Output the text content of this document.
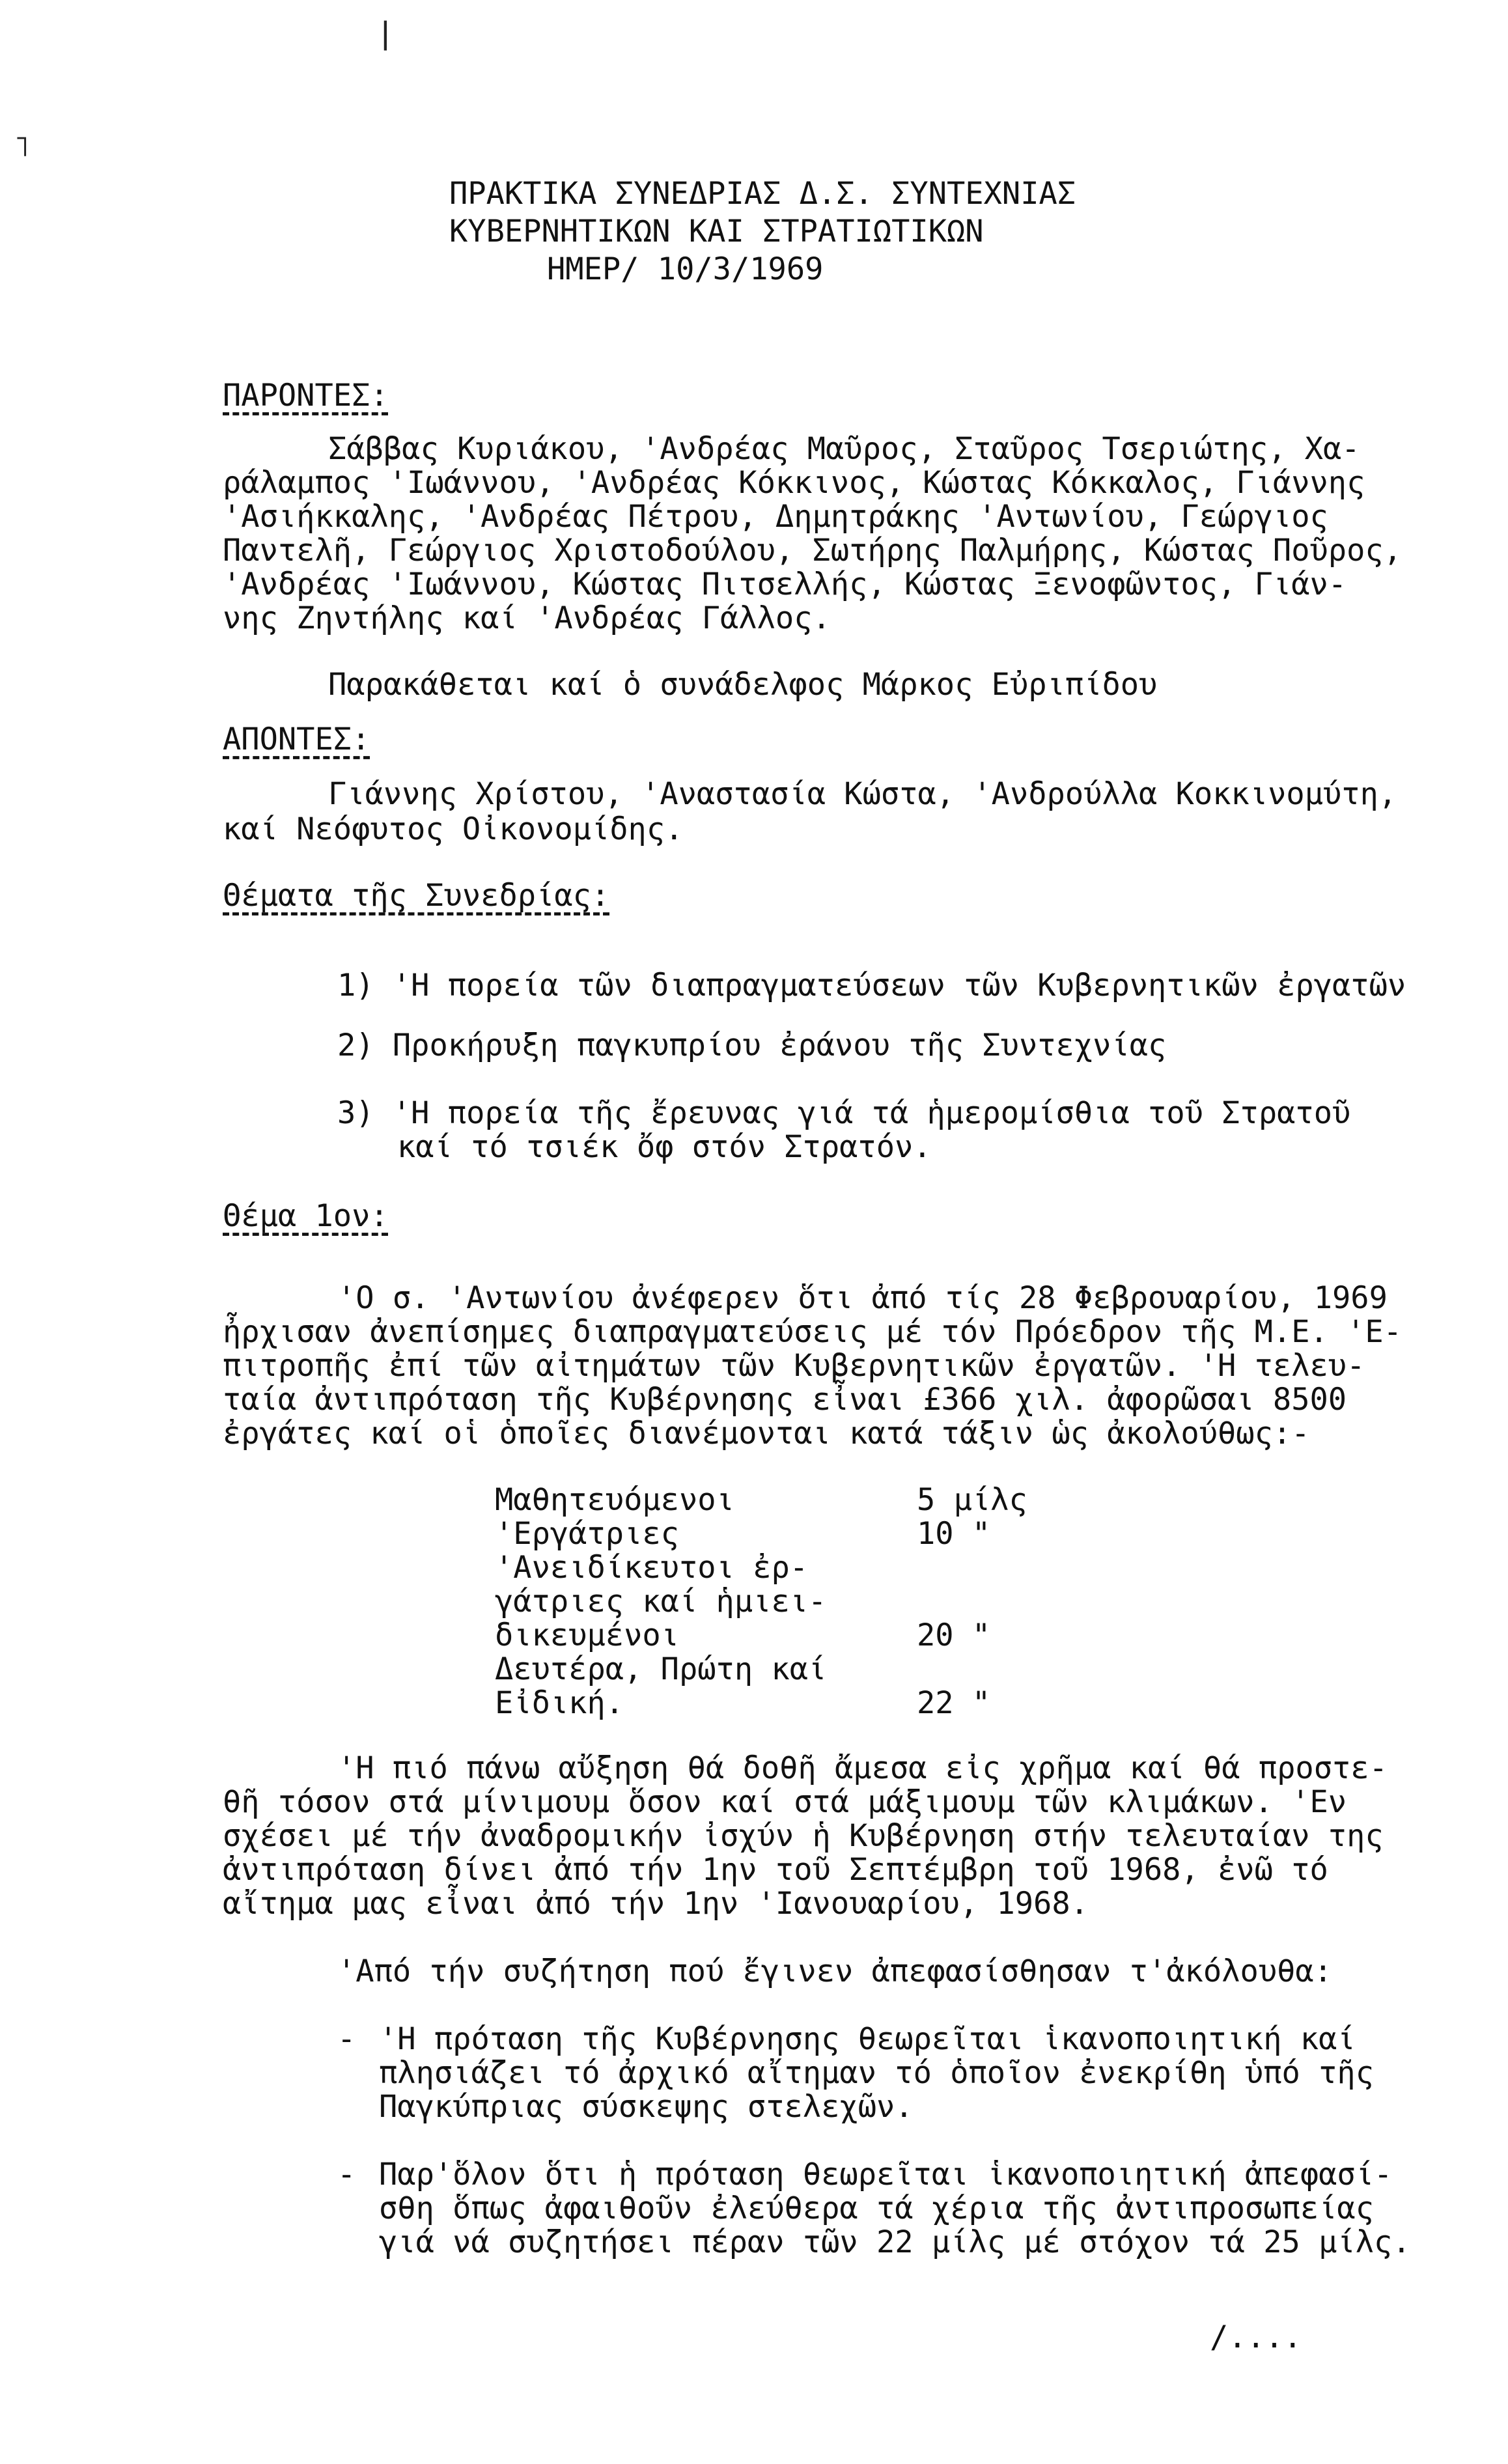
❘
˥
ΠΡΑΚΤΙΚΑ ΣΥΝΕΔΡΙΑΣ Δ.Σ. ΣΥΝΤΕΧΝΙΑΣ
ΚΥΒΕΡΝΗΤΙΚΩΝ ΚΑΙ ΣΤΡΑΤΙΩΤΙΚΩΝ
ΗΜΕΡ/ 10/3/1969
ΠΑΡΟΝΤΕΣ:
Σάββας Κυριάκου, 'Ανδρέας Μαῦρος, Σταῦρος Τσεριώτης, Χα-
ράλαμπος 'Ιωάννου, 'Ανδρέας Κόκκινος, Κώστας Κόκκαλος, Γιάννης
'Ασιήκκαλης, 'Ανδρέας Πέτρου, Δημητράκης 'Αντωνίου, Γεώργιος
Παντελῆ, Γεώργιος Χριστοδούλου, Σωτήρης Παλμήρης, Κώστας Ποῦρος,
'Ανδρέας 'Ιωάννου, Κώστας Πιτσελλής, Κώστας Ξενοφῶντος, Γιάν-
νης Ζηντήλης καί 'Ανδρέας Γάλλος.
Παρακάθεται καί ὁ συνάδελφος Μάρκος Εὐριπίδου
ΑΠΟΝΤΕΣ:
Γιάννης Χρίστου, 'Αναστασία Κώστα, 'Ανδρούλλα Κοκκινομύτη,
καί Νεόφυτος Οἰκονομίδης.
Θέματα τῆς Συνεδρίας:
1) 'Η πορεία τῶν διαπραγματεύσεων τῶν Κυβερνητικῶν ἐργατῶν
2) Προκήρυξη παγκυπρίου ἐράνου τῆς Συντεχνίας
3) 'Η πορεία τῆς ἔρευνας γιά τά ἡμερομίσθια τοῦ Στρατοῦ
καί τό τσιέκ ὄφ στόν Στρατόν.
Θέμα 1ον:
'Ο σ. 'Αντωνίου ἀνέφερεν ὅτι ἀπό τίς 28 Φεβρουαρίου, 1969
ἦρχισαν ἀνεπίσημες διαπραγματεύσεις μέ τόν Πρόεδρον τῆς Μ.Ε. 'Ε-
πιτροπῆς ἐπί τῶν αἰτημάτων τῶν Κυβερνητικῶν ἐργατῶν. 'Η τελευ-
ταία ἀντιπρόταση τῆς Κυβέρνησης εἶναι £366 χιλ. ἀφορῶσαι 8500
ἐργάτες καί οἱ ὁποῖες διανέμονται κατά τάξιν ὡς ἀκολούθως:-
Μαθητευόμενοι	5 μίλς
'Εργάτριες	10 "
'Ανειδίκευτοι ἐρ-
γάτριες καί ἡμιει-
δικευμένοι	20 "
Δευτέρα, Πρώτη καί
Εἰδική.	22 "
'Η πιό πάνω αὔξηση θά δοθῆ ἄμεσα εἰς χρῆμα καί θά προστε-
θῆ τόσον στά μίνιμουμ ὅσον καί στά μάξιμουμ τῶν κλιμάκων. 'Εν
σχέσει μέ τήν ἀναδρομικήν ἰσχύν ἡ Κυβέρνηση στήν τελευταίαν της
ἀντιπρόταση δίνει ἀπό τήν 1ην τοῦ Σεπτέμβρη τοῦ 1968, ἐνῶ τό
αἴτημα μας εἶναι ἀπό τήν 1ην 'Ιανουαρίου, 1968.
'Από τήν συζήτηση πού ἔγινεν ἀπεφασίσθησαν τ'ἀκόλουθα:
- 'Η πρόταση τῆς Κυβέρνησης θεωρεῖται ἱκανοποιητική καί
πλησιάζει τό ἀρχικό αἴτημαν τό ὁποῖον ἐνεκρίθη ὑπό τῆς
Παγκύπριας σύσκεψης στελεχῶν.
- Παρ'ὅλον ὅτι ἡ πρόταση θεωρεῖται ἱκανοποιητική ἀπεφασί-
σθη ὅπως ἀφαιθοῦν ἐλεύθερα τά χέρια τῆς ἀντιπροσωπείας
γιά νά συζητήσει πέραν τῶν 22 μίλς μέ στόχον τά 25 μίλς.
/....
